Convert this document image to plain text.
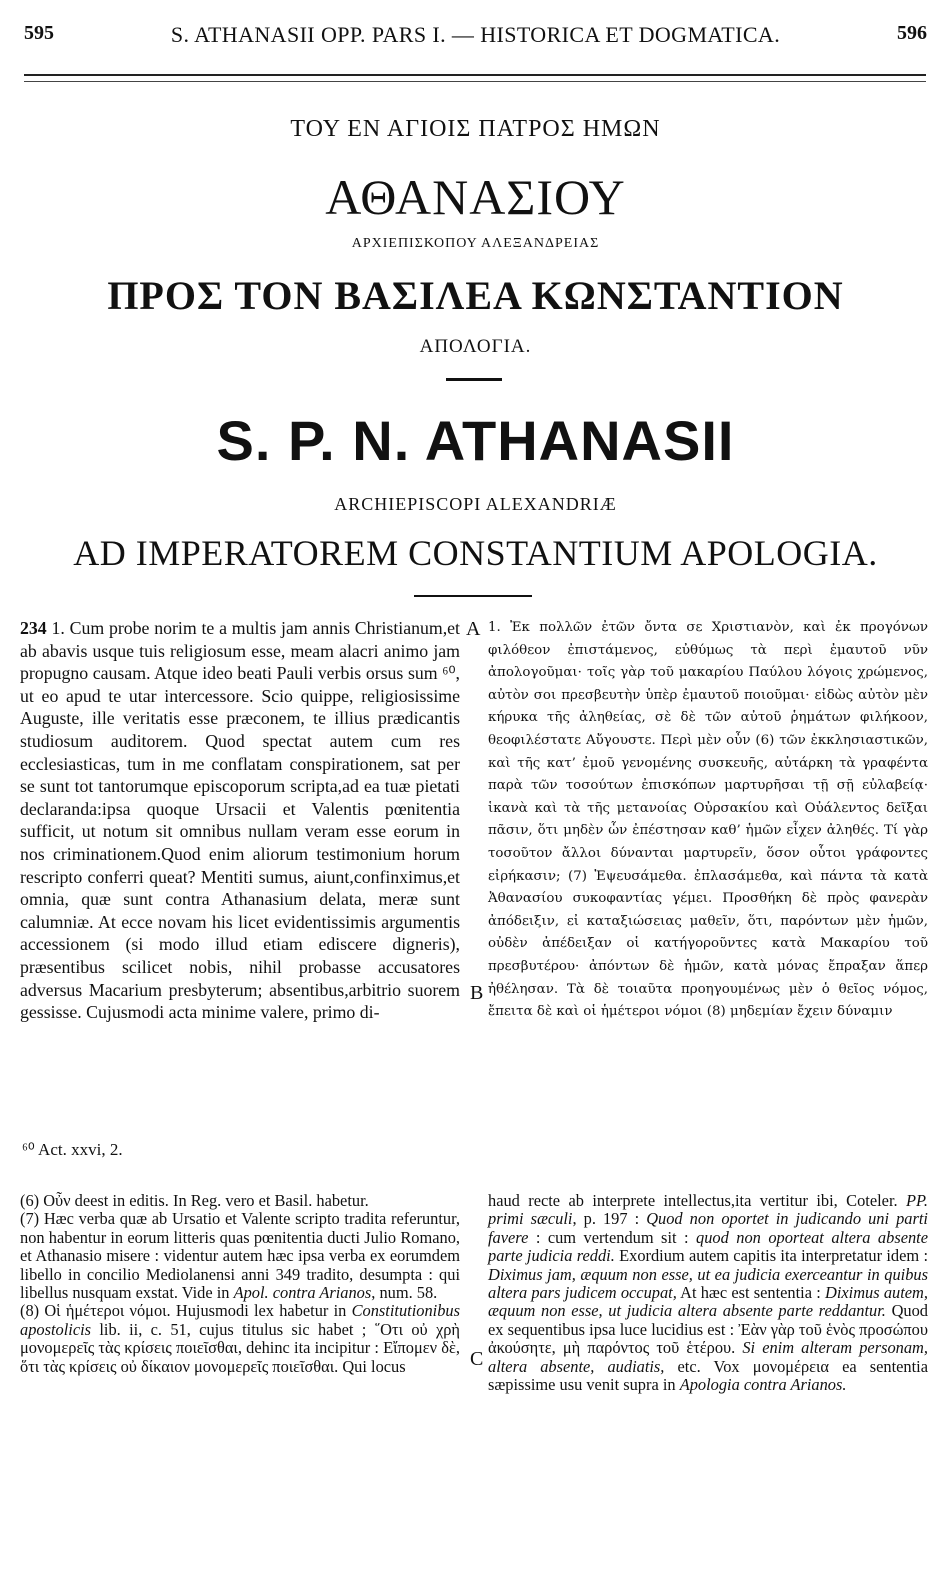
595	S. ATHANASII OPP. PARS I. — HISTORICA ET DOGMATICA.	596
ΤΟΥ ΕΝ ΑΓΙΟΙΣ ΠΑΤΡΟΣ ΗΜΩΝ
ΑΘΑΝΑΣΙΟΥ
ΑΡΧΙΕΠΙΣΚΟΠΟΥ ΑΛΕΞΑΝΔΡΕΙΑΣ
ΠΡΟΣ ΤΟΝ ΒΑΣΙΛΕΑ ΚΩΝΣΤΑΝΤΙΟΝ
ΑΠΟΛΟΓΙΑ.
S. P. N. ATHANASII
ARCHIEPISCOPI ALEXANDRIÆ
AD IMPERATOREM CONSTANTIUM APOLOGIA.
234 1. Cum probe norim te a multis jam annis Christianum,et ab abavis usque tuis religiosum esse, meam alacri animo jam propugno causam. Atque ideo beati Pauli verbis orsus sum ⁶⁰, ut eo apud te utar intercessore. Scio quippe, religiosissime Auguste, ille veritatis esse præconem, te illius prædicantis studiosum auditorem. Quod spectat autem cum res ecclesiasticas, tum in me conflatam conspirationem, sat per se sunt tot tantorumque episcoporum scripta,ad ea tuæ pietati declaranda:ipsa quoque Ursacii et Valentis pœnitentia sufficit, ut notum sit omnibus nullam veram esse eorum in nos criminationem.Quod enim aliorum testimonium horum rescripto conferri queat? Mentiti sumus, aiunt,confinximus,et omnia, quæ sunt contra Athanasium delata, meræ sunt calumniæ. At ecce novam his licet evidentissimis argumentis accessionem (si modo illud etiam ediscere digneris), præsentibus scilicet nobis, nihil probasse accusatores adversus Macarium presbyterum; absentibus,arbitrio suorem gessisse. Cujusmodi acta minime valere, primo di-
A
B
C
1. Ἐκ πολλῶν ἐτῶν ὄντα σε Χριστιανὸν, καὶ ἐκ προγόνων φιλόθεον ἐπιστάμενος, εὐθύμως τὰ περὶ ἐμαυτοῦ νῦν ἀπολογοῦμαι· τοῖς γὰρ τοῦ μακαρίου Παύλου λόγοις χρώμενος, αὐτὸν σοι πρεσβευτὴν ὑπὲρ ἐμαυτοῦ ποιοῦμαι· εἰδὼς αὐτὸν μὲν κήρυκα τῆς ἀληθείας, σὲ δὲ τῶν αὐτοῦ ῥημάτων φιλήκοον, θεοφιλέστατε Αὔγουστε. Περὶ μὲν οὖν (6) τῶν ἐκκλησιαστικῶν, καὶ τῆς κατ’ ἐμοῦ γενομένης συσκευῆς, αὐτάρκη τὰ γραφέντα παρὰ τῶν τοσούτων ἐπισκόπων μαρτυρῆσαι τῇ σῇ εὐλαβείᾳ· ἱκανὰ καὶ τὰ τῆς μετανοίας Οὐρσακίου καὶ Οὐάλεντος δεῖξαι πᾶσιν, ὅτι μηδὲν ὧν ἐπέστησαν καθ’ ἡμῶν εἶχεν ἀληθές. Τί γὰρ τοσοῦτον ἄλλοι δύνανται μαρτυρεῖν, ὅσον οὗτοι γράφοντες εἰρήκασιν; (7) Ἐψευσάμεθα. ἐπλασάμεθα, καὶ πάντα τὰ κατὰ Ἀθανασίου συκοφαντίας γέμει. Προσθήκη δὲ πρὸς φανερὰν ἀπόδειξιν, εἰ καταξιώσειας μαθεῖν, ὅτι, παρόντων μὲν ἡμῶν, οὐδὲν ἀπέδειξαν οἱ κατήγοροῦντες κατὰ Μακαρίου τοῦ πρεσβυτέρου· ἀπόντων δὲ ἡμῶν, κατὰ μόνας ἔπραξαν ἅπερ ἠθέλησαν. Τὰ δὲ τοιαῦτα προηγουμένως μὲν ὁ θεῖος νόμος, ἔπειτα δὲ καὶ οἱ ἡμέτεροι νόμοι (8) μηδεμίαν ἔχειν δύναμιν
⁶⁰ Act. xxvi, 2.

(6) Οὖν deest in editis. In Reg. vero et Basil. habetur.

(7) Hæc verba quæ ab Ursatio et Valente scripto tradita referuntur, non habentur in eorum litteris quas pœnitentia ducti Julio Romano, et Athanasio misere : videntur autem hæc ipsa verba ex eorumdem libello in concilio Mediolanensi anni 349 tradito, desumpta : qui libellus nusquam exstat. Vide in Apol. contra Arianos, num. 58.

(8) Οἱ ἡμέτεροι νόμοι. Hujusmodi lex habetur in Constitutionibus apostolicis lib. ii, c. 51, cujus titulus sic habet ; ῞Οτι οὐ χρὴ μονομερεῖς τὰς κρίσεις ποιεῖσθαι, dehinc ita incipitur : Εἴπομεν δὲ, ὅτι τὰς κρίσεις οὐ δίκαιον μονομερεῖς ποιεῖσθαι. Qui locus

haud recte ab interprete intellectus,ita vertitur ibi, Coteler. PP. primi sæculi, p. 197 : Quod non oportet in judicando uni parti favere : cum vertendum sit : quod non oporteat altera absente parte judicia reddi. Exordium autem capitis ita interpretatur idem : Diximus jam, æquum non esse, ut ea judicia exerceantur in quibus altera pars judicem occupat, At hæc est sententia : Diximus autem, æquum non esse, ut judicia altera absente parte reddantur. Quod ex sequentibus ipsa luce lucidius est : Ἐὰν γὰρ τοῦ ἑνὸς προσώπου ἀκούσητε, μὴ παρόντος τοῦ ἑτέρου. Si enim alteram personam, altera absente, audiatis, etc. Vox μονομέρεια ea sententia sæpissime usu venit supra in Apologia contra Arianos.
